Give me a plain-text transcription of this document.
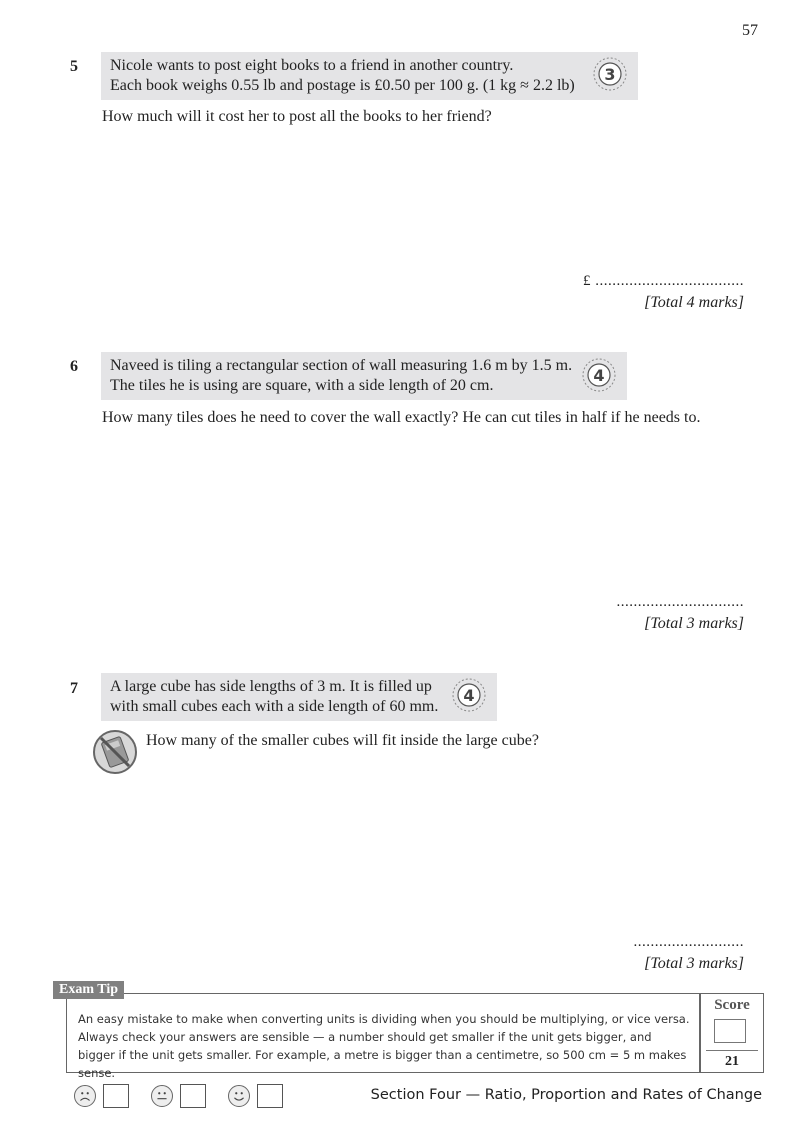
57
5 Nicole wants to post eight books to a friend in another country.
Each book weighs 0.55 lb and postage is £0.50 per 100 g. (1 kg ≈ 2.2 lb)
3
How much will it cost her to post all the books to her friend?
£ ...................................
[Total 4 marks]
6 Naveed is tiling a rectangular section of wall measuring 1.6 m by 1.5 m.
The tiles he is using are square, with a side length of 20 cm.
4
How many tiles does he need to cover the wall exactly? He can cut tiles in half if he needs to.
..............................
[Total 3 marks]
7 A large cube has side lengths of 3 m. It is filled up
with small cubes each with a side length of 60 mm.
4
How many of the smaller cubes will fit inside the large cube?
..........................
[Total 3 marks]
Exam Tip
An easy mistake to make when converting units is dividing when you should be multiplying, or vice versa. Always check your answers are sensible — a number should get smaller if the unit gets bigger, and bigger if the unit gets smaller. For example, a metre is bigger than a centimetre, so 500 cm = 5 m makes sense.
Score
21
Section Four — Ratio, Proportion and Rates of Change
